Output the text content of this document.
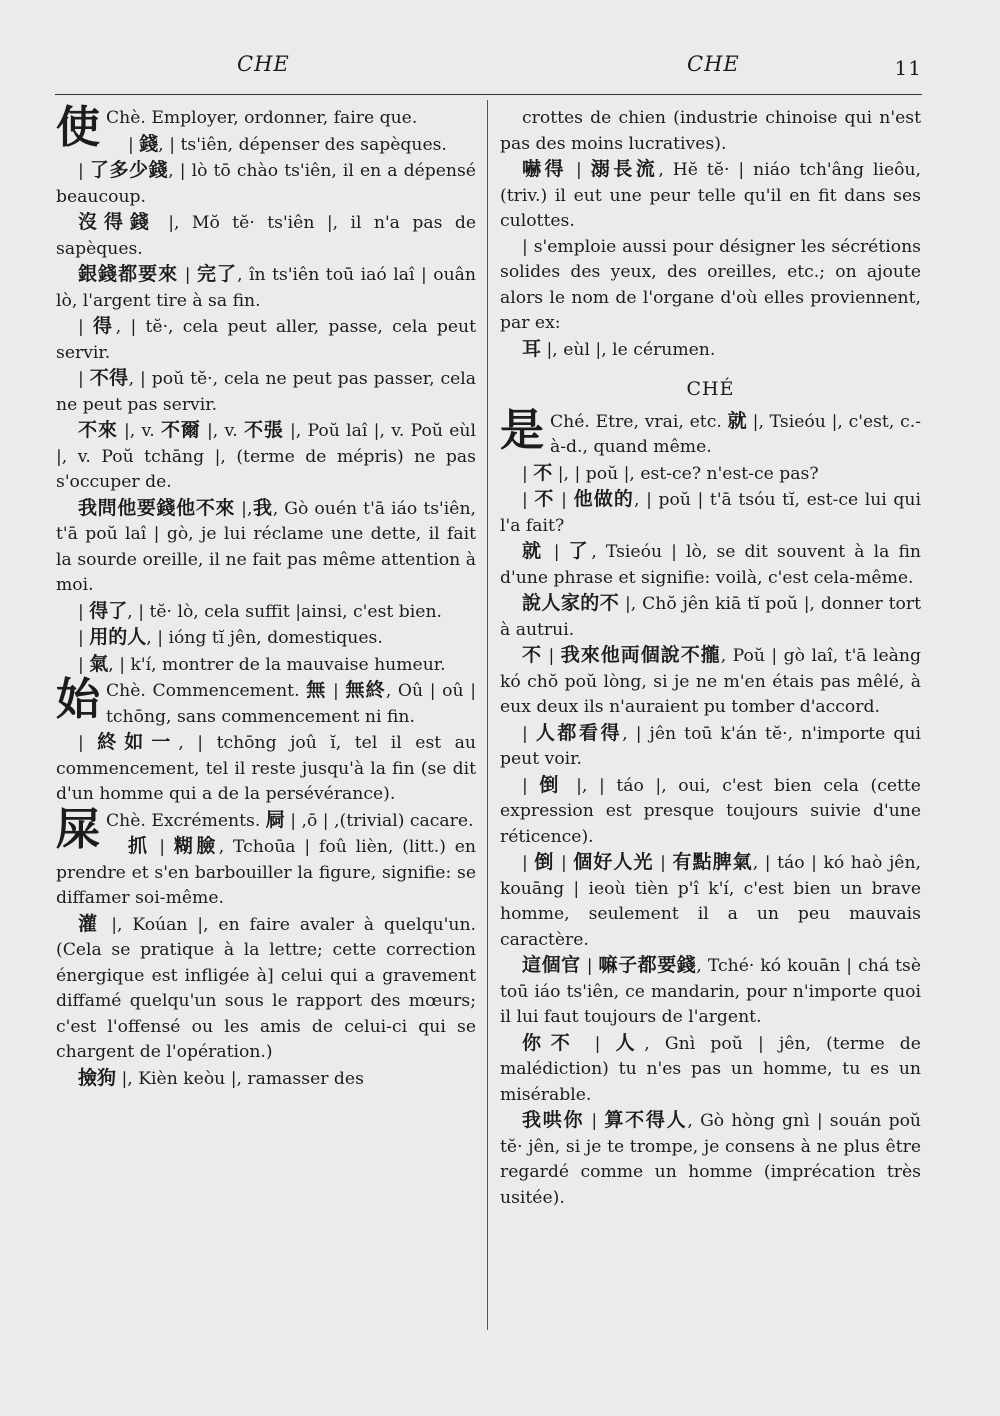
CHE	CHE	11

使 Chè. Employer, ordonner, faire que.

| 錢, | ts'iên, dépenser des sapèques.

| 了多少錢, | lò tō chào ts'iên, il en a dépensé beaucoup.

沒得錢 |, Mŏ tĕ· ts'iên |, il n'a pas de sapèques.

銀錢都要來 | 完了, în ts'iên toū iaó laî | ouân lò, l'argent tire à sa fin.

| 得, | tĕ·, cela peut aller, passe, cela peut servir.

| 不得, | poŭ tĕ·, cela ne peut pas passer, cela ne peut pas servir.

不來 |, v. 不爾 |, v. 不張 |, Poŭ laî |, v. Poŭ eùl |, v. Poŭ tchāng |, (terme de mépris) ne pas s'occuper de.

我問他要錢他不來 |,我, Gò ouén t'ā iáo ts'iên, t'ā poŭ laî | gò, je lui réclame une dette, il fait la sourde oreille, il ne fait pas même attention à moi.

| 得了, | tĕ· lò, cela suffit |ainsi, c'est bien.

| 用的人, | ióng tĭ jên, domestiques.

| 氣, | k'í, montrer de la mauvaise humeur.

始 Chè. Commencement. 無 | 無終, Oû | oû | tchōng, sans commencement ni fin.

| 終如一, | tchōng joû ĭ, tel il est au commencement, tel il reste jusqu'à la fin (se dit d'un homme qui a de la persévérance).

屎 Chè. Excréments. 屙 | ,ō | ,(trivial) cacare.

抓 | 糊臉, Tchoūa | foû lièn, (litt.) en prendre et s'en barbouiller la figure, signifie: se diffamer soi-même.

灌 |, Koúan |, en faire avaler à quelqu'un. (Cela se pratique à la lettre; cette correction énergique est infligée à] celui qui a gravement diffamé quelqu'un sous le rapport des mœurs; c'est l'offensé ou les amis de celui-ci qui se chargent de l'opération.)

撿狗 |, Kièn keòu |, ramasser des

crottes de chien (industrie chinoise qui n'est pas des moins lucratives).

嚇得 | 溺長流, Hĕ tĕ· | niáo tch'âng lieôu, (triv.) il eut une peur telle qu'il en fit dans ses culottes.

| s'emploie aussi pour désigner les sécrétions solides des yeux, des oreilles, etc.; on ajoute alors le nom de l'organe d'où elles proviennent, par ex:

耳 |, eùl |, le cérumen.

CHÉ

是 Ché. Etre, vrai, etc. 就 |, Tsieóu |, c'est, c.-à-d., quand même.

| 不 |, | poŭ |, est-ce? n'est-ce pas?

| 不 | 他做的, | poŭ | t'ā tsóu tĭ, est-ce lui qui l'a fait?

就 | 了, Tsieóu | lò, se dit souvent à la fin d'une phrase et signifie: voilà, c'est cela-même.

說人家的不 |, Chŏ jên kiā tĭ poŭ |, donner tort à autrui.

不 | 我來他両個說不攏, Poŭ | gò laî, t'ā leàng kó chŏ poŭ lòng, si je ne m'en étais pas mêlé, à eux deux ils n'auraient pu tomber d'accord.

| 人都看得, | jên toū k'án tĕ·, n'importe qui peut voir.

| 倒 |, | táo |, oui, c'est bien cela (cette expression est presque toujours suivie d'une réticence).

| 倒 | 個好人光 | 有點脾氣, | táo | kó haò jên, kouāng | ieoù tièn p'î k'í, c'est bien un brave homme, seulement il a un peu mauvais caractère.

這個官 | 嘛子都要錢, Tché· kó kouān | chá tsè toū iáo ts'iên, ce mandarin, pour n'importe quoi il lui faut toujours de l'argent.

你不 | 人, Gnì poŭ | jên, (terme de malédiction) tu n'es pas un homme, tu es un misérable.

我哄你 | 算不得人, Gò hòng gnì | souán poŭ tĕ· jên, si je te trompe, je consens à ne plus être regardé comme un homme (imprécation très usitée).
